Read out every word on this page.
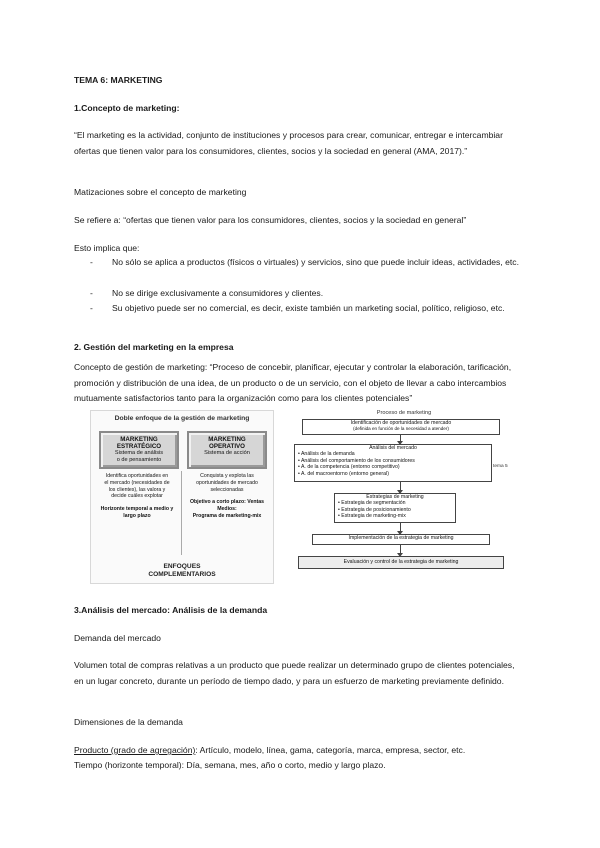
TEMA 6: MARKETING
1.Concepto de marketing:
“El marketing es la actividad, conjunto de instituciones y procesos para crear, comunicar, entregar e intercambiar ofertas que tienen valor para los consumidores, clientes, socios y la sociedad en general (AMA, 2017).”
Matizaciones sobre el concepto de marketing
Se refiere a: “ofertas que tienen valor para los consumidores, clientes, socios y la sociedad en general”
Esto implica que:
- No sólo se aplica a productos (físicos o virtuales) y servicios, sino que puede incluir ideas, actividades, etc.
- No se dirige exclusivamente a consumidores y clientes.
- Su objetivo puede ser no comercial, es decir, existe también un marketing social, político, religioso, etc.
2. Gestión del marketing en la empresa
Concepto de gestión de marketing: “Proceso de concebir, planificar, ejecutar y controlar la elaboración, tarificación, promoción y distribución de una idea, de un producto o de un servicio, con el objeto de llevar a cabo intercambios mutuamente satisfactorios tanto para la organización como para los clientes potenciales”
Doble enfoque de la gestión de marketing
MARKETING
ESTRATÉGICO
Sistema de análisis
o de pensamiento
MARKETING
OPERATIVO
Sistema de acción
Identifica oportunidades en
el mercado (necesidades de
los clientes), las valora y
decide cuáles explotar
Horizonte temporal a medio y
largo plazo
Conquista y explota las
oportunidades de mercado
seleccionadas
Objetivo a corto plazo: Ventas
Medios:
Programa de marketing-mix
ENFOQUES
COMPLEMENTARIOS
Proceso de marketing
Identificación de oportunidades de mercado
(definida en función de la necesidad a atender)
Análisis del mercado
• Análisis de la demanda
• Análisis del comportamiento de los consumidores
• A. de la competencia (entorno competitivo)
• A. del macroentorno (entorno general)
tema 5
Estrategias de marketing
• Estrategia de segmentación
• Estrategia de posicionamiento
• Estrategia de marketing-mix
Implementación de la estrategia de marketing
Evaluación y control de la estrategia de marketing
3.Análisis del mercado: Análisis de la demanda
Demanda del mercado
Volumen total de compras relativas a un producto que puede realizar un determinado grupo de clientes potenciales, en un lugar concreto, durante un período de tiempo dado, y para un esfuerzo de marketing previamente definido.
Dimensiones de la demanda
Producto (grado de agregación): Artículo, modelo, línea, gama, categoría, marca, empresa, sector, etc.
Tiempo (horizonte temporal): Día, semana, mes, año o corto, medio y largo plazo.
